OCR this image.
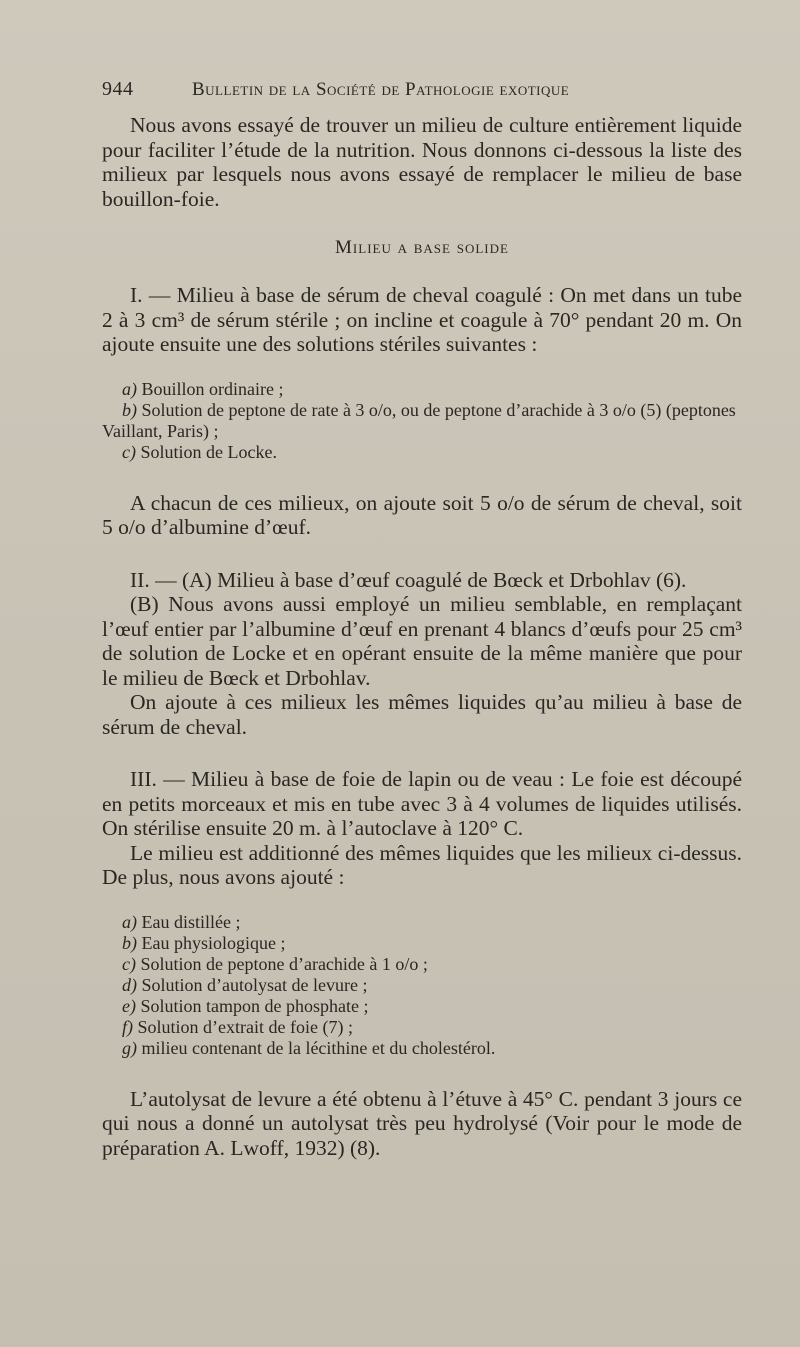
944	Bulletin de la Société de Pathologie exotique

Nous avons essayé de trouver un milieu de culture entièrement liquide pour faciliter l’étude de la nutrition. Nous donnons ci-dessous la liste des milieux par lesquels nous avons essayé de remplacer le milieu de base bouillon-foie.

Milieu a base solide

I. — Milieu à base de sérum de cheval coagulé : On met dans un tube 2 à 3 cm³ de sérum stérile ; on incline et coagule à 70° pendant 20 m. On ajoute ensuite une des solutions stériles suivantes :

a) Bouillon ordinaire ;
b) Solution de peptone de rate à 3 o/o, ou de peptone d’arachide à 3 o/o (5) (peptones Vaillant, Paris) ;
c) Solution de Locke.

A chacun de ces milieux, on ajoute soit 5 o/o de sérum de cheval, soit 5 o/o d’albumine d’œuf.

II. — (A) Milieu à base d’œuf coagulé de Bœck et Drbohlav (6).

(B) Nous avons aussi employé un milieu semblable, en remplaçant l’œuf entier par l’albumine d’œuf en prenant 4 blancs d’œufs pour 25 cm³ de solution de Locke et en opérant ensuite de la même manière que pour le milieu de Bœck et Drbohlav.

On ajoute à ces milieux les mêmes liquides qu’au milieu à base de sérum de cheval.

III. — Milieu à base de foie de lapin ou de veau : Le foie est découpé en petits morceaux et mis en tube avec 3 à 4 volumes de liquides utilisés. On stérilise ensuite 20 m. à l’autoclave à 120° C.

Le milieu est additionné des mêmes liquides que les milieux ci-dessus. De plus, nous avons ajouté :

a) Eau distillée ;
b) Eau physiologique ;
c) Solution de peptone d’arachide à 1 o/o ;
d) Solution d’autolysat de levure ;
e) Solution tampon de phosphate ;
f) Solution d’extrait de foie (7) ;
g) milieu contenant de la lécithine et du cholestérol.

L’autolysat de levure a été obtenu à l’étuve à 45° C. pendant 3 jours ce qui nous a donné un autolysat très peu hydrolysé (Voir pour le mode de préparation A. Lwoff, 1932) (8).
